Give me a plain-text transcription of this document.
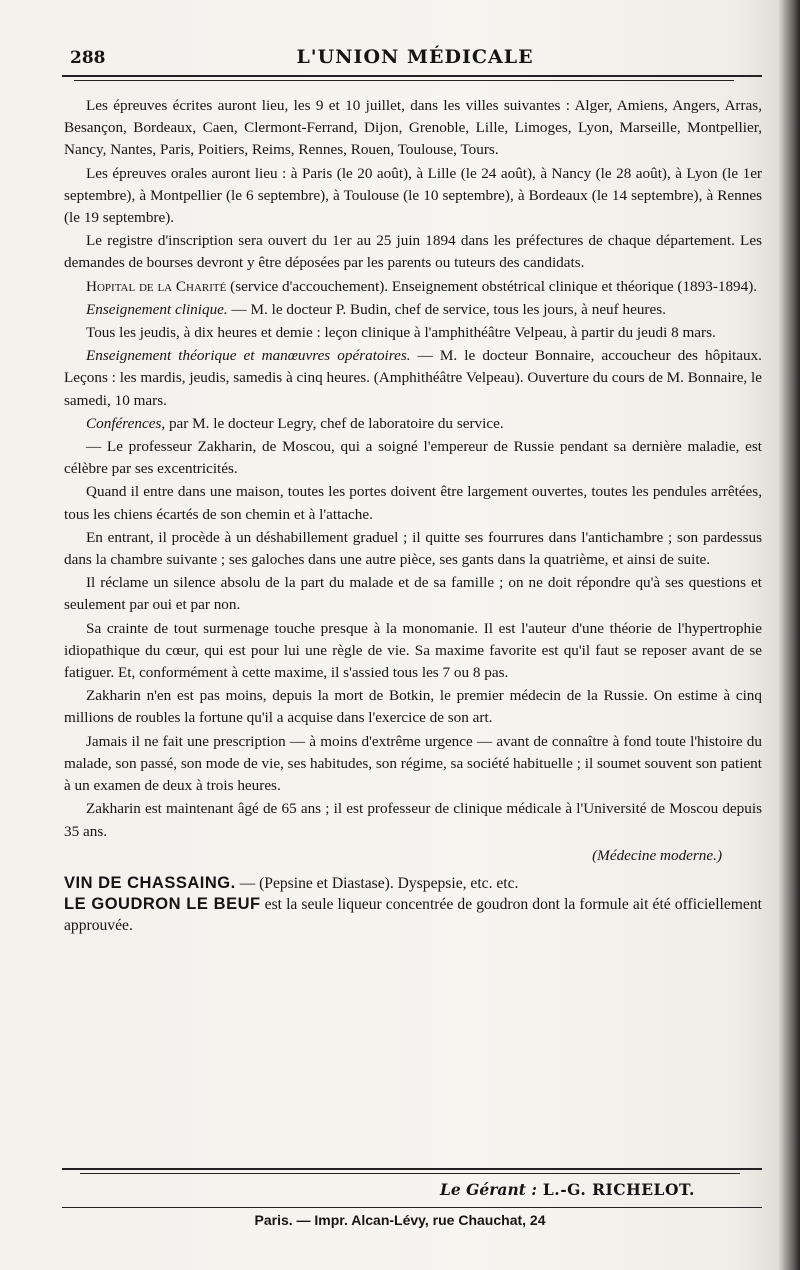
288	L'UNION MÉDICALE

Les épreuves écrites auront lieu, les 9 et 10 juillet, dans les villes suivantes : Alger, Amiens, Angers, Arras, Besançon, Bordeaux, Caen, Clermont-Ferrand, Dijon, Grenoble, Lille, Limoges, Lyon, Marseille, Montpellier, Nancy, Nantes, Paris, Poitiers, Reims, Rennes, Rouen, Toulouse, Tours.

Les épreuves orales auront lieu : à Paris (le 20 août), à Lille (le 24 août), à Nancy (le 28 août), à Lyon (le 1er septembre), à Montpellier (le 6 septembre), à Toulouse (le 10 septembre), à Bordeaux (le 14 septembre), à Rennes (le 19 septembre).

Le registre d'inscription sera ouvert du 1er au 25 juin 1894 dans les préfectures de chaque département. Les demandes de bourses devront y être déposées par les parents ou tuteurs des candidats.

Hopital de la Charité (service d'accouchement). Enseignement obstétrical clinique et théorique (1893-1894).

Enseignement clinique. — M. le docteur P. Budin, chef de service, tous les jours, à neuf heures.

Tous les jeudis, à dix heures et demie : leçon clinique à l'amphithéâtre Velpeau, à partir du jeudi 8 mars.

Enseignement théorique et manœuvres opératoires. — M. le docteur Bonnaire, accoucheur des hôpitaux. Leçons : les mardis, jeudis, samedis à cinq heures. (Amphithéâtre Velpeau). Ouverture du cours de M. Bonnaire, le samedi, 10 mars.

Conférences, par M. le docteur Legry, chef de laboratoire du service.

— Le professeur Zakharin, de Moscou, qui a soigné l'empereur de Russie pendant sa dernière maladie, est célèbre par ses excentricités.

Quand il entre dans une maison, toutes les portes doivent être largement ouvertes, toutes les pendules arrêtées, tous les chiens écartés de son chemin et à l'attache.

En entrant, il procède à un déshabillement graduel ; il quitte ses fourrures dans l'antichambre ; son pardessus dans la chambre suivante ; ses galoches dans une autre pièce, ses gants dans la quatrième, et ainsi de suite.

Il réclame un silence absolu de la part du malade et de sa famille ; on ne doit répondre qu'à ses questions et seulement par oui et par non.

Sa crainte de tout surmenage touche presque à la monomanie. Il est l'auteur d'une théorie de l'hypertrophie idiopathique du cœur, qui est pour lui une règle de vie. Sa maxime favorite est qu'il faut se reposer avant de se fatiguer. Et, conformément à cette maxime, il s'assied tous les 7 ou 8 pas.

Zakharin n'en est pas moins, depuis la mort de Botkin, le premier médecin de la Russie. On estime à cinq millions de roubles la fortune qu'il a acquise dans l'exercice de son art.

Jamais il ne fait une prescription — à moins d'extrême urgence — avant de connaître à fond toute l'histoire du malade, son passé, son mode de vie, ses habitudes, son régime, sa société habituelle ; il soumet souvent son patient à un examen de deux à trois heures.

Zakharin est maintenant âgé de 65 ans ; il est professeur de clinique médicale à l'Université de Moscou depuis 35 ans.

(Médecine moderne.)
VIN DE CHASSAING. — (Pepsine et Diastase). Dyspepsie, etc. etc.
LE GOUDRON LE BEUF est la seule liqueur concentrée de goudron dont la formule ait été officiellement approuvée.
Le Gérant : L.-G. RICHELOT.
Paris. — Impr. Alcan-Lévy, rue Chauchat, 24
